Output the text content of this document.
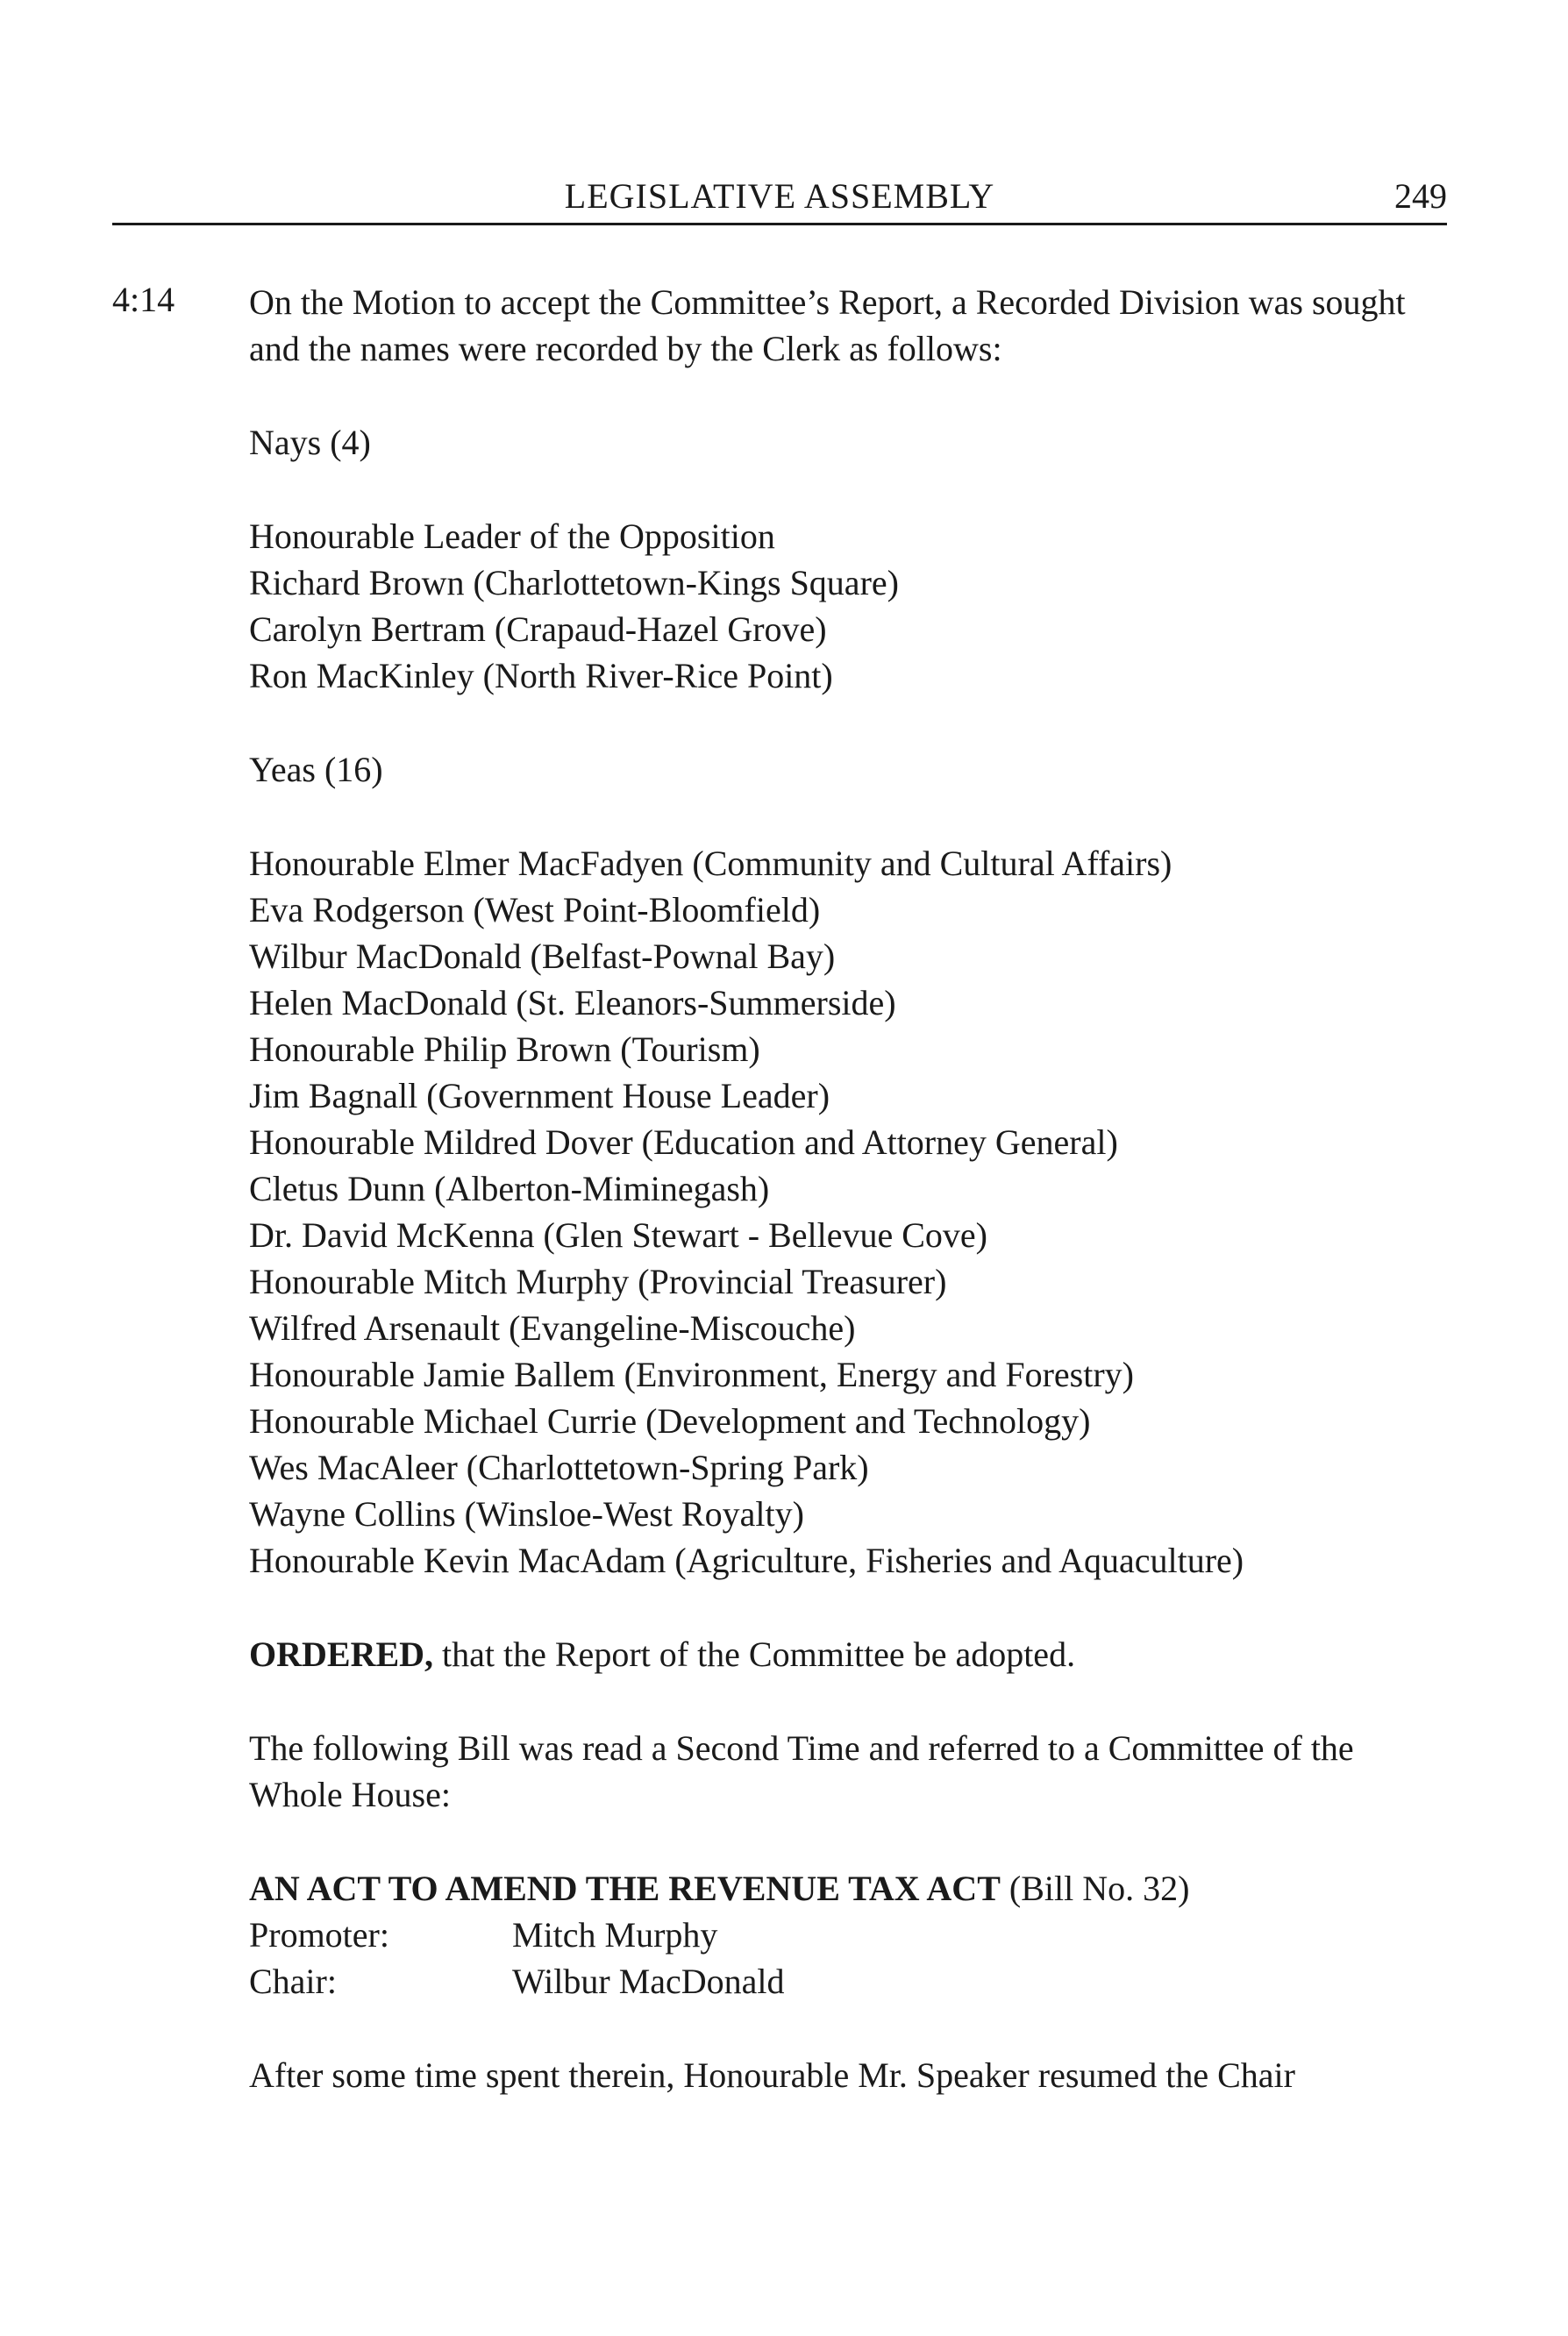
LEGISLATIVE ASSEMBLY	249
4:14 On the Motion to accept the Committee’s Report, a Recorded Division was sought and the names were recorded by the Clerk as follows:

Nays (4)

Honourable Leader of the Opposition
Richard Brown (Charlottetown-Kings Square)
Carolyn Bertram (Crapaud-Hazel Grove)
Ron MacKinley (North River-Rice Point)

Yeas (16)

Honourable Elmer MacFadyen (Community and Cultural Affairs)
Eva Rodgerson (West Point-Bloomfield)
Wilbur MacDonald (Belfast-Pownal Bay)
Helen MacDonald (St. Eleanors-Summerside)
Honourable Philip Brown (Tourism)
Jim Bagnall (Government House Leader)
Honourable Mildred Dover (Education and Attorney General)
Cletus Dunn (Alberton-Miminegash)
Dr. David McKenna (Glen Stewart - Bellevue Cove)
Honourable Mitch Murphy (Provincial Treasurer)
Wilfred Arsenault (Evangeline-Miscouche)
Honourable Jamie Ballem (Environment, Energy and Forestry)
Honourable Michael Currie (Development and Technology)
Wes MacAleer (Charlottetown-Spring Park)
Wayne Collins (Winsloe-West Royalty)
Honourable Kevin MacAdam (Agriculture, Fisheries and Aquaculture)

ORDERED, that the Report of the Committee be adopted.

The following Bill was read a Second Time and referred to a Committee of the Whole House:

AN ACT TO AMEND THE REVENUE TAX ACT (Bill No. 32)
Promoter:	Mitch Murphy
Chair:	Wilbur MacDonald

After some time spent therein, Honourable Mr. Speaker resumed the Chair
